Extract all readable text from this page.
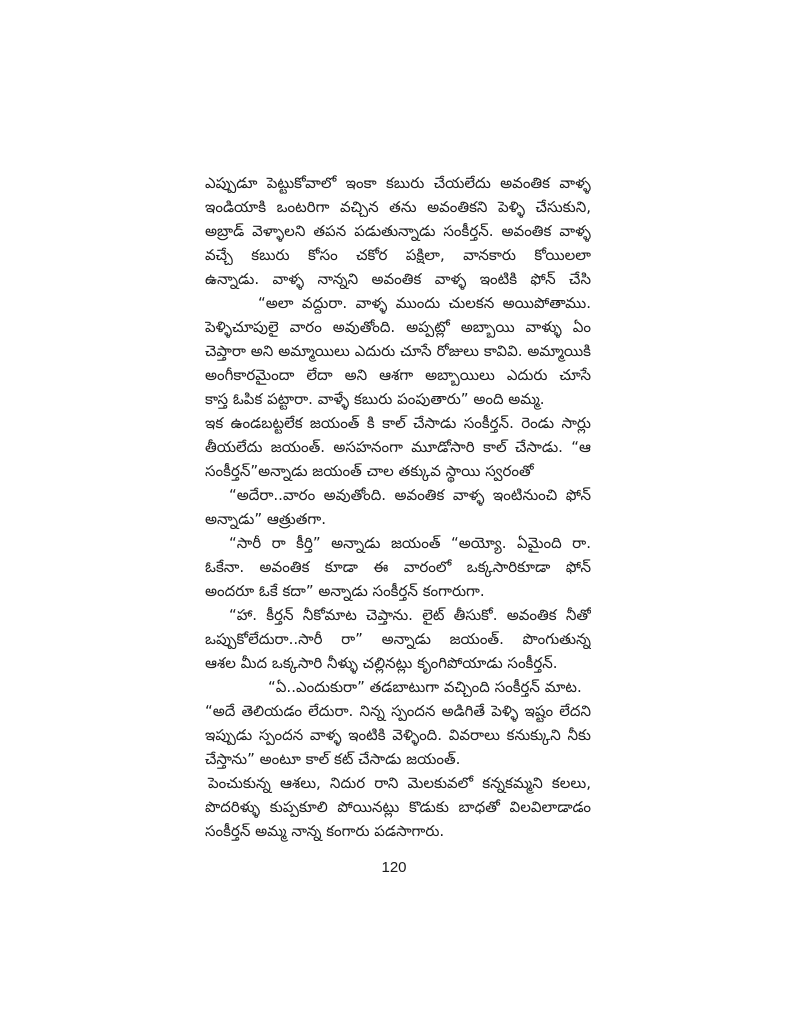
ఎప్పుడూ పెట్టుకోవాలో ఇంకా కబురు చేయలేదు అవంతిక వాళ్ళ
ఇండియాకి ఒంటరిగా వచ్చిన తను అవంతికని పెళ్ళి చేసుకుని,
అబ్రాడ్ వెళ్ళాలని తపన పడుతున్నాడు సంకీర్తన్. అవంతిక వాళ్ళ
వచ్చే కబురు కోసం చకోర పక్షిలా, వానకారు కోయిలలా
ఉన్నాడు. వాళ్ళ నాన్నని అవంతిక వాళ్ళ ఇంటికి ఫోన్ చేసి
“అలా వద్దురా. వాళ్ళ ముందు చులకన అయిపోతాము.
పెళ్ళిచూపులై వారం అవుతోంది. అప్పట్లో అబ్బాయి వాళ్ళు ఏం
చెప్తారా అని అమ్మాయిలు ఎదురు చూసే రోజులు కావివి. అమ్మాయికి
అంగీకారమైందా లేదా అని ఆశగా అబ్బాయిలు ఎదురు చూసే
కాస్త ఓపిక పట్టారా. వాళ్ళే కబురు పంపుతారు” అంది అమ్మ.
ఇక ఉండబట్టలేక జయంత్ కి కాల్ చేసాడు సంకీర్తన్. రెండు సార్లు
తీయలేదు జయంత్. అసహనంగా మూడోసారి కాల్ చేసాడు. “ఆ
సంకీర్తన్”అన్నాడు జయంత్ చాల తక్కువ స్థాయి స్వరంతో
“అదేరా..వారం అవుతోంది. అవంతిక వాళ్ళ ఇంటినుంచి ఫోన్
అన్నాడు” ఆత్రుతగా.
“సారీ రా కీర్తి” అన్నాడు జయంత్ “అయ్యో. ఏమైంది రా.
ఓకేనా. అవంతిక కూడా ఈ వారంలో ఒక్కసారికూడా ఫోన్
అందరూ ఓకే కదా” అన్నాడు సంకీర్తన్ కంగారుగా.
“హా. కీర్తన్ నీకోమాట చెప్తాను. లైట్ తీసుకో. అవంతిక నీతో
ఒప్పుకోలేదురా..సారీ రా” అన్నాడు జయంత్. పొంగుతున్న
ఆశల మీద ఒక్కసారి నీళ్ళు చల్లినట్లు కృంగిపోయాడు సంకీర్తన్.
“ఏ..ఎందుకురా” తడబాటుగా వచ్చింది సంకీర్తన్ మాట.
“అదే తెలియడం లేదురా. నిన్న స్పందన అడిగితే పెళ్ళి ఇష్టం లేదని
ఇప్పుడు స్పందన వాళ్ళ ఇంటికి వెళ్ళింది. వివరాలు కనుక్కుని నీకు
చేస్తాను” అంటూ కాల్ కట్ చేసాడు జయంత్.
పెంచుకున్న ఆశలు, నిదుర రాని మెలకువలో కన్నకమ్మని కలలు,
పొదరిళ్ళు కుప్పకూలి పోయినట్లు కొడుకు బాధతో విలవిలాడాడం
సంకీర్తన్ అమ్మ నాన్న కంగారు పడసాగారు.
120
